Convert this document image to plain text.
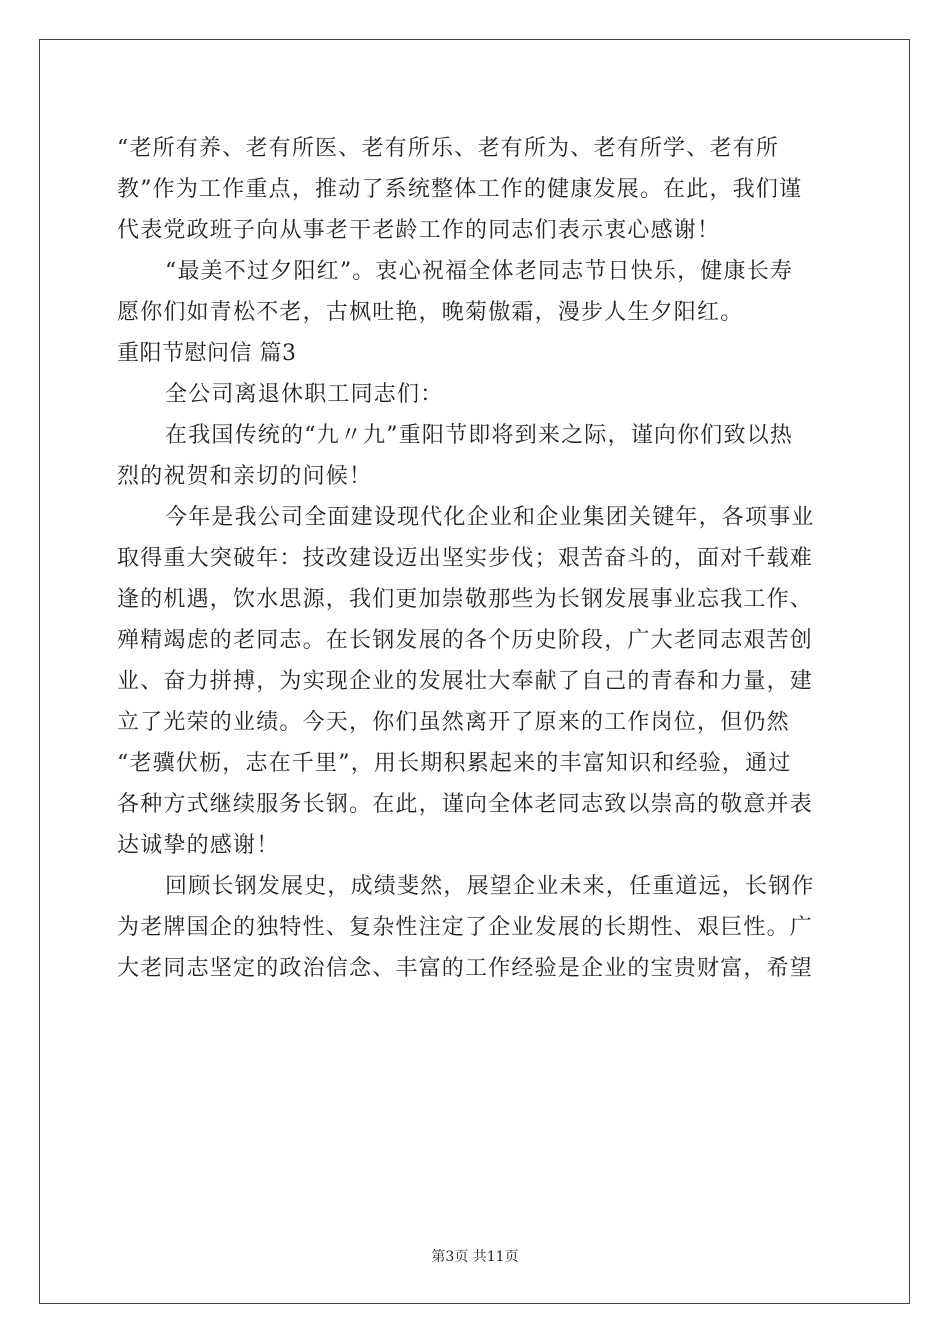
“老所有养、老有所医、老有所乐、老有所为、老有所学、老有所
教”作为工作重点，推动了系统整体工作的健康发展。在此，我们谨
代表党政班子向从事老干老龄工作的同志们表示衷心感谢！
“最美不过夕阳红”。衷心祝福全体老同志节日快乐，健康长寿
愿你们如青松不老，古枫吐艳，晚菊傲霜，漫步人生夕阳红。
重阳节慰问信 篇3
全公司离退休职工同志们：
在我国传统的“九〃九”重阳节即将到来之际，谨向你们致以热
烈的祝贺和亲切的问候！
今年是我公司全面建设现代化企业和企业集团关键年，各项事业
取得重大突破年：技改建设迈出坚实步伐；艰苦奋斗的，面对千载难
逢的机遇，饮水思源，我们更加崇敬那些为长钢发展事业忘我工作、
殚精竭虑的老同志。在长钢发展的各个历史阶段，广大老同志艰苦创
业、奋力拼搏，为实现企业的发展壮大奉献了自己的青春和力量，建
立了光荣的业绩。今天，你们虽然离开了原来的工作岗位，但仍然
“老骥伏枥，志在千里”，用长期积累起来的丰富知识和经验，通过
各种方式继续服务长钢。在此，谨向全体老同志致以崇高的敬意并表
达诚挚的感谢！
回顾长钢发展史，成绩斐然，展望企业未来，任重道远，长钢作
为老牌国企的独特性、复杂性注定了企业发展的长期性、艰巨性。广
大老同志坚定的政治信念、丰富的工作经验是企业的宝贵财富，希望
第3页 共11页
